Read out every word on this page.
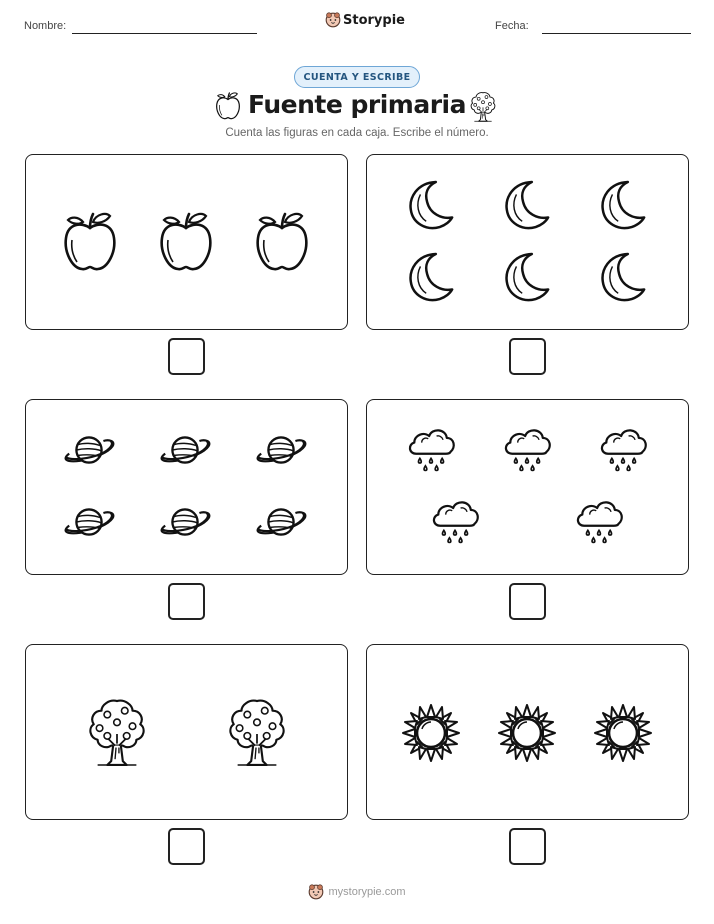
Nombre:	Storypie	Fecha:
CUENTA Y ESCRIBE
Fuente primaria
Cuenta las figuras en cada caja. Escribe el número.
mystorypie.com
